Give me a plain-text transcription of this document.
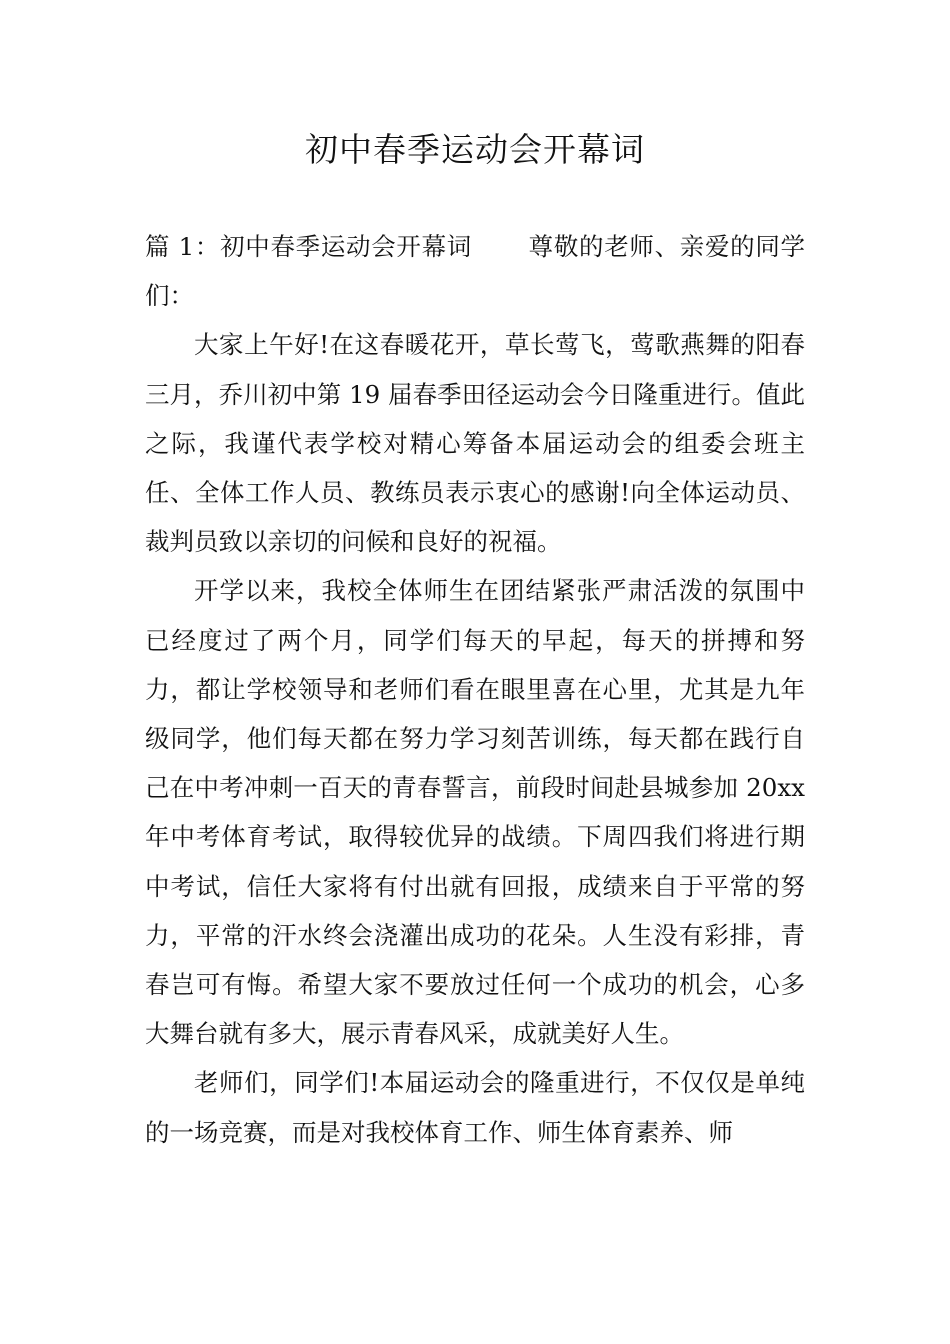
初中春季运动会开幕词

篇 1：初中春季运动会开幕词 尊敬的老师、亲爱的同学们：

大家上午好!在这春暖花开，草长莺飞，莺歌燕舞的阳春三月，乔川初中第 19 届春季田径运动会今日隆重进行。值此之际，我谨代表学校对精心筹备本届运动会的组委会班主任、全体工作人员、教练员表示衷心的感谢!向全体运动员、裁判员致以亲切的问候和良好的祝福。

开学以来，我校全体师生在团结紧张严肃活泼的氛围中已经度过了两个月，同学们每天的早起，每天的拼搏和努力，都让学校领导和老师们看在眼里喜在心里，尤其是九年级同学，他们每天都在努力学习刻苦训练，每天都在践行自己在中考冲刺一百天的青春誓言，前段时间赴县城参加 20xx 年中考体育考试，取得较优异的战绩。下周四我们将进行期中考试，信任大家将有付出就有回报，成绩来自于平常的努力，平常的汗水终会浇灌出成功的花朵。人生没有彩排，青春岂可有悔。希望大家不要放过任何一个成功的机会，心多大舞台就有多大，展示青春风采，成就美好人生。

老师们，同学们!本届运动会的隆重进行，不仅仅是单纯的一场竞赛，而是对我校体育工作、师生体育素养、师
